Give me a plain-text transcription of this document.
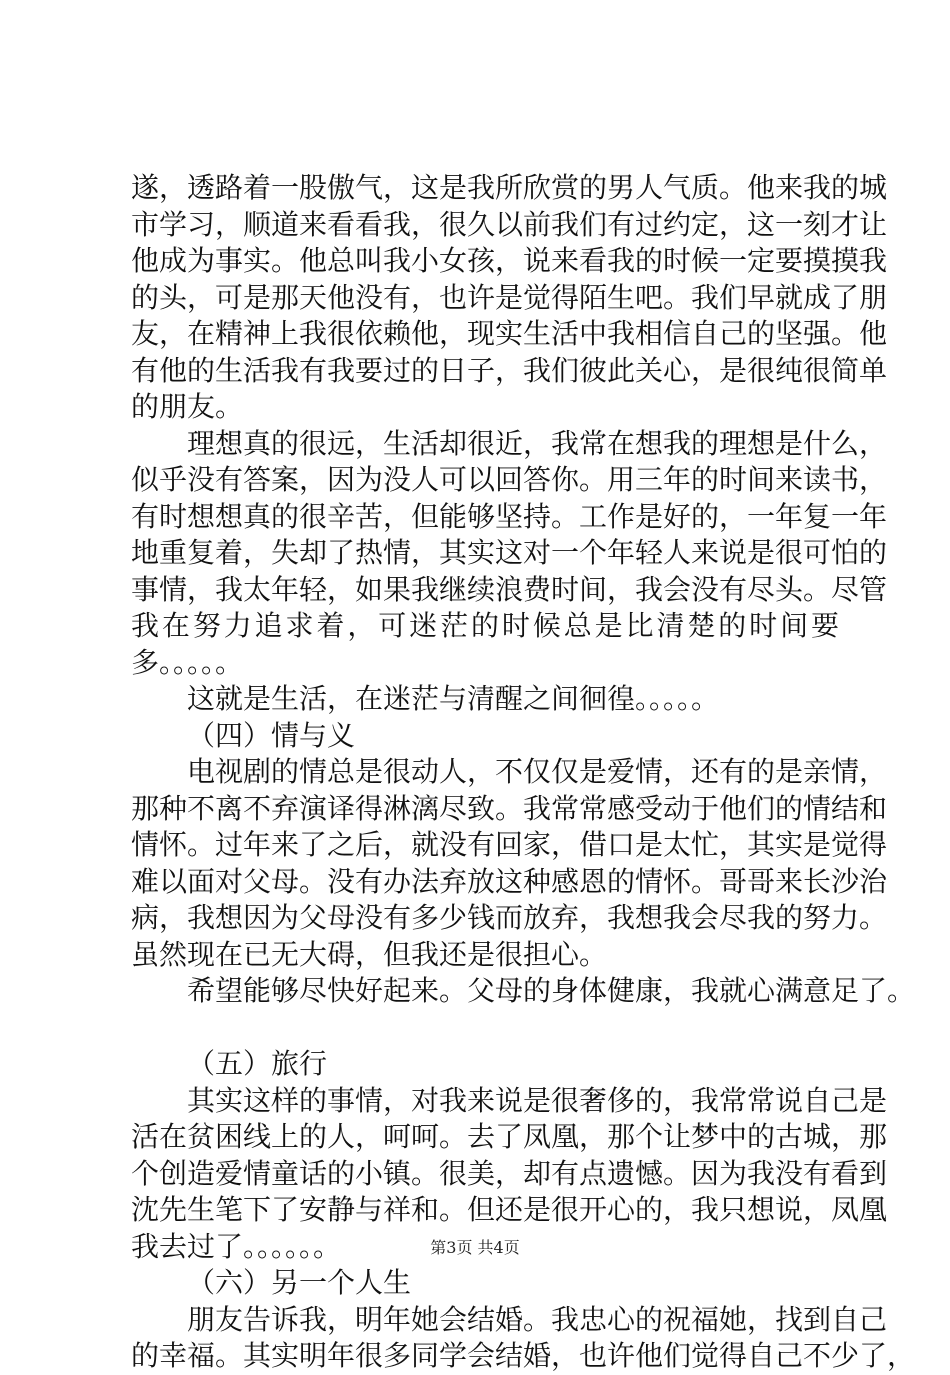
遂，透路着一股傲气，这是我所欣赏的男人气质。他来我的城
市学习，顺道来看看我，很久以前我们有过约定，这一刻才让
他成为事实。他总叫我小女孩，说来看我的时候一定要摸摸我
的头，可是那天他没有，也许是觉得陌生吧。我们早就成了朋
友，在精神上我很依赖他，现实生活中我相信自己的坚强。他
有他的生活我有我要过的日子，我们彼此关心，是很纯很简单
的朋友。
理想真的很远，生活却很近，我常在想我的理想是什么，
似乎没有答案，因为没人可以回答你。用三年的时间来读书，
有时想想真的很辛苦，但能够坚持。工作是好的，一年复一年
地重复着，失却了热情，其实这对一个年轻人来说是很可怕的
事情，我太年轻，如果我继续浪费时间，我会没有尽头。尽管
我在努力追求着，可迷茫的时候总是比清楚的时间要
多。。。。。
这就是生活，在迷茫与清醒之间徊徨。。。。。
（四）情与义
电视剧的情总是很动人，不仅仅是爱情，还有的是亲情，
那种不离不弃演译得淋漓尽致。我常常感受动于他们的情结和
情怀。过年来了之后，就没有回家，借口是太忙，其实是觉得
难以面对父母。没有办法弃放这种感恩的情怀。哥哥来长沙治
病，我想因为父母没有多少钱而放弃，我想我会尽我的努力。
虽然现在已无大碍，但我还是很担心。
希望能够尽快好起来。父母的身体健康，我就心满意足了。
（五）旅行
其实这样的事情，对我来说是很奢侈的，我常常说自己是
活在贫困线上的人，呵呵。去了凤凰，那个让梦中的古城，那
个创造爱情童话的小镇。很美，却有点遗憾。因为我没有看到
沈先生笔下了安静与祥和。但还是很开心的，我只想说，凤凰
我去过了。。。。。。
（六）另一个人生
朋友告诉我，明年她会结婚。我忠心的祝福她，找到自己
的幸福。其实明年很多同学会结婚，也许他们觉得自己不少了，
第3页 共4页
